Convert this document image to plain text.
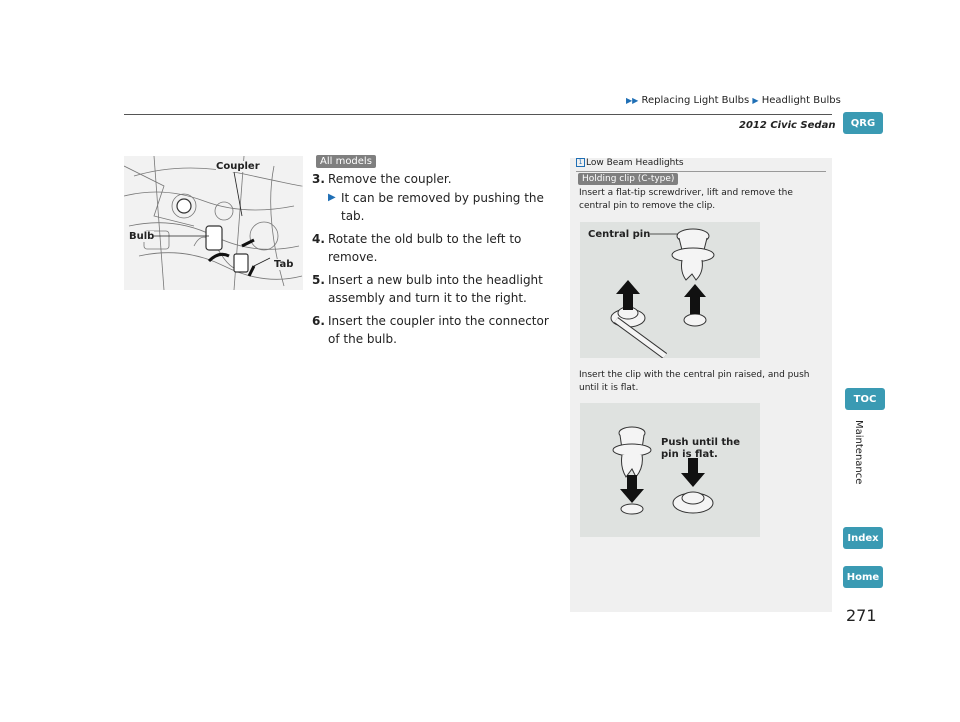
▶▶ Replacing Light Bulbs ▶ Headlight Bulbs
2012 Civic Sedan	QRG
TOC
Maintenance
Index
Home
Coupler
Bulb
Tab
All models
3. Remove the coupler.
▶ It can be removed by pushing the tab.
4. Rotate the old bulb to the left to remove.
5. Insert a new bulb into the headlight assembly and turn it to the right.
6. Insert the coupler into the connector of the bulb.
1 Low Beam Headlights
Holding clip (C-type)
Insert a flat-tip screwdriver, lift and remove the central pin to remove the clip.
Central pin
Insert the clip with the central pin raised, and push until it is flat.
Push until the pin is flat.
271
